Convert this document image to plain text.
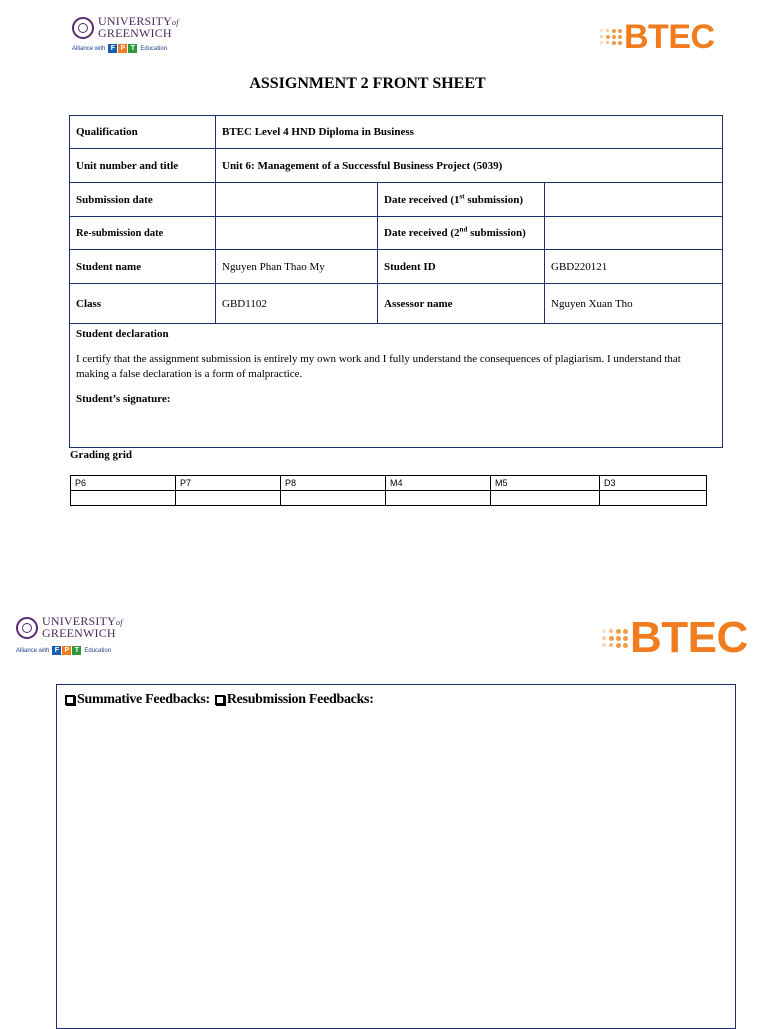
UNIVERSITYof
GREENWICH
Alliance with F P T Education	BTEC
ASSIGNMENT 2 FRONT SHEET
Qualification	BTEC Level 4 HND Diploma in Business		
Unit number and title	Unit 6: Management of a Successful Business Project (5039)		
Submission date		Date received (1st submission)	
Re-submission date		Date received (2nd submission)	
Student name	Nguyen Phan Thao My	Student ID	GBD220121
Class	GBD1102	Assessor name	Nguyen Xuan Tho

Student declaration

I certify that the assignment submission is entirely my own work and I fully understand the consequences of plagiarism. I understand that making a false declaration is a form of malpractice.

Student’s signature:			

Grading grid
P6	P7	P8	M4	M5	D3

UNIVERSITYof
GREENWICH
Alliance with F P T Education	BTEC
Summative Feedbacks: Resubmission Feedbacks:
